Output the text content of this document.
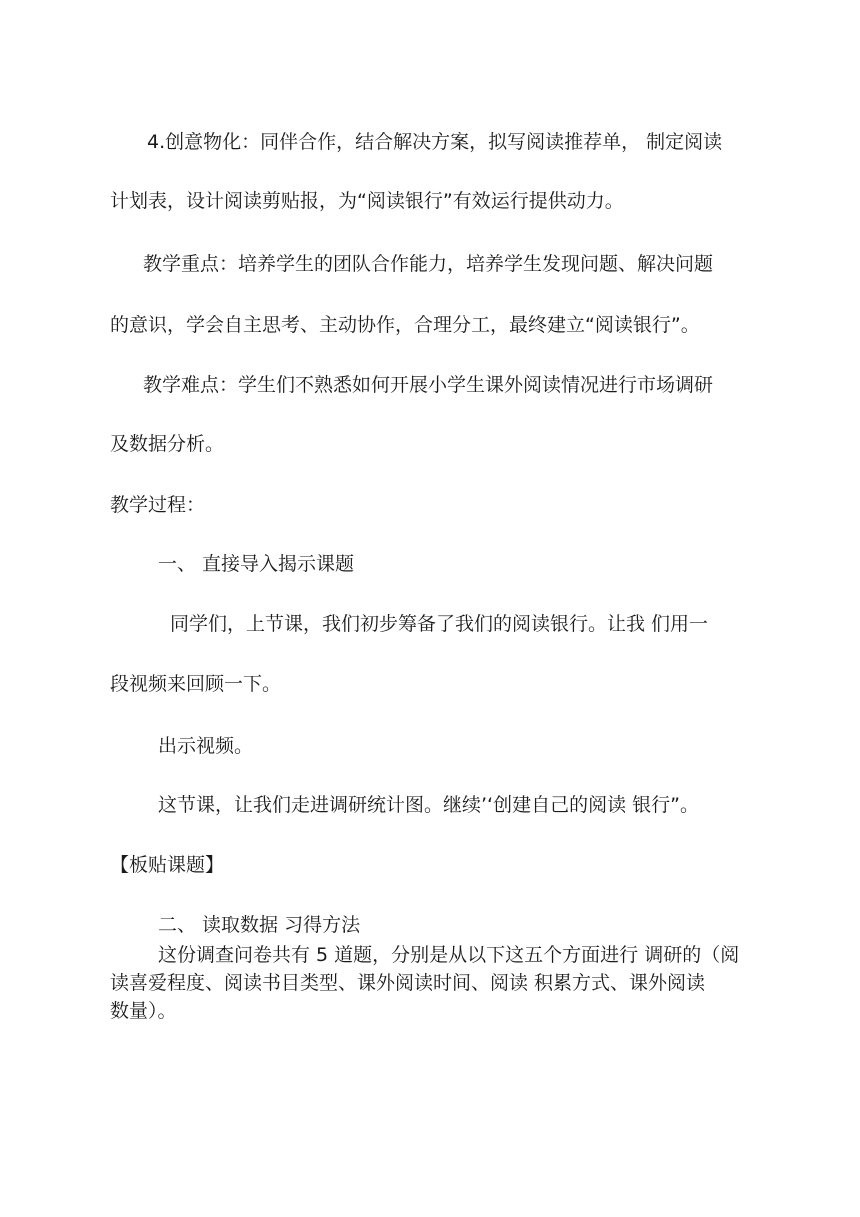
4.创意物化：同伴合作，结合解决方案，拟写阅读推荐单， 制定阅读
计划表，设计阅读剪贴报，为“阅读银行”有效运行提供动力。
教学重点：培养学生的团队合作能力，培养学生发现问题、解决问题
的意识，学会自主思考、主动协作，合理分工，最终建立“阅读银行”。
教学难点：学生们不熟悉如何开展小学生课外阅读情况进行市场调研
及数据分析。
教学过程：
一、 直接导入揭示课题
同学们，上节课，我们初步筹备了我们的阅读银行。让我 们用一
段视频来回顾一下。
出示视频。
这节课，让我们走进调研统计图。继续’‘创建自己的阅读 银行”。
【板贴课题】
二、 读取数据 习得方法
这份调查问卷共有 5 道题，分别是从以下这五个方面进行 调研的（阅
读喜爱程度、阅读书目类型、课外阅读时间、阅读 积累方式、课外阅读
数量）。
